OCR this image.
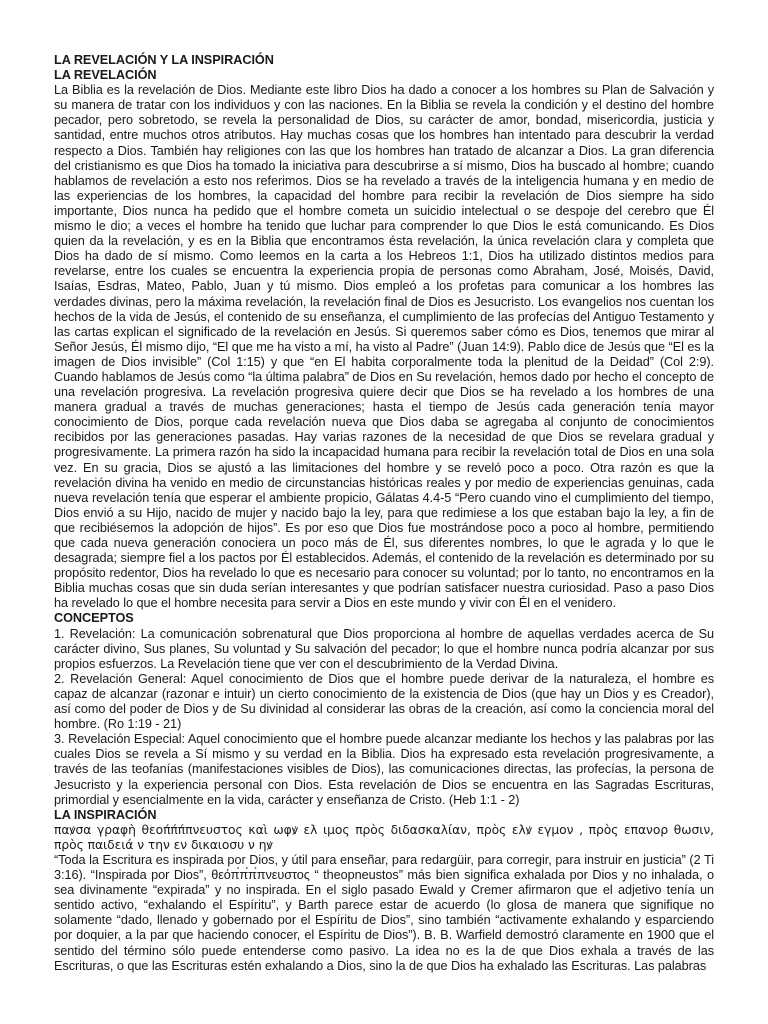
LA REVELACIÓN Y LA INSPIRACIÓN

LA REVELACIÓN

La Biblia es la revelación de Dios. Mediante este libro Dios ha dado a conocer a los hombres su Plan de Salvación y su manera de tratar con los individuos y con las naciones. En la Biblia se revela la condición y el destino del hombre pecador, pero sobretodo, se revela la personalidad de Dios, su carácter de amor, bondad, misericordia, justicia y santidad, entre muchos otros atributos. Hay muchas cosas que los hombres han intentado para descubrir la verdad respecto a Dios. También hay religiones con las que los hombres han tratado de alcanzar a Dios. La gran diferencia del cristianismo es que Dios ha tomado la iniciativa para descubrirse a sí mismo, Dios ha buscado al hombre; cuando hablamos de revelación a esto nos referimos. Dios se ha revelado a través de la inteligencia humana y en medio de las experiencias de los hombres, la capacidad del hombre para recibir la revelación de Dios siempre ha sido importante, Dios nunca ha pedido que el hombre cometa un suicidio intelectual o se despoje del cerebro que Él mismo le dio; a veces el hombre ha tenido que luchar para comprender lo que Dios le está comunicando. Es Dios quien da la revelación, y es en la Biblia que encontramos ésta revelación, la única revelación clara y completa que Dios ha dado de sí mismo. Como leemos en la carta a los Hebreos 1:1, Dios ha utilizado distintos medios para revelarse, entre los cuales se encuentra la experiencia propia de personas como Abraham, José, Moisés, David, Isaías, Esdras, Mateo, Pablo, Juan y tú mismo. Dios empleó a los profetas para comunicar a los hombres las verdades divinas, pero la máxima revelación, la revelación final de Dios es Jesucristo. Los evangelios nos cuentan los hechos de la vida de Jesús, el contenido de su enseñanza, el cumplimiento de las profecías del Antiguo Testamento y las cartas explican el significado de la revelación en Jesús. Si queremos saber cómo es Dios, tenemos que mirar al Señor Jesús, Él mismo dijo, “El que me ha visto a mí, ha visto al Padre” (Juan 14:9). Pablo dice de Jesús que “El es la imagen de Dios invisible” (Col 1:15) y que “en El habita corporalmente toda la plenitud de la Deidad” (Col 2:9). Cuando hablamos de Jesús como “la última palabra” de Dios en Su revelación, hemos dado por hecho el concepto de una revelación progresiva. La revelación progresiva quiere decir que Dios se ha revelado a los hombres de una manera gradual a través de muchas generaciones; hasta el tiempo de Jesús cada generación tenía mayor conocimiento de Dios, porque cada revelación nueva que Dios daba se agregaba al conjunto de conocimientos recibidos por las generaciones pasadas. Hay varias razones de la necesidad de que Dios se revelara gradual y progresivamente. La primera razón ha sido la incapacidad humana para recibir la revelación total de Dios en una sola vez. En su gracia, Dios se ajustó a las limitaciones del hombre y se reveló poco a poco. Otra razón es que la revelación divina ha venido en medio de circunstancias históricas reales y por medio de experiencias genuinas, cada nueva revelación tenía que esperar el ambiente propicio, Gálatas 4.4-5 “Pero cuando vino el cumplimiento del tiempo, Dios envió a su Hijo, nacido de mujer y nacido bajo la ley, para que redimiese a los que estaban bajo la ley, a fin de que recibiésemos la adopción de hijos”. Es por eso que Dios fue mostrándose poco a poco al hombre, permitiendo que cada nueva generación conociera un poco más de Él, sus diferentes nombres, lo que le agrada y lo que le desagrada; siempre fiel a los pactos por Él establecidos. Además, el contenido de la revelación es determinado por su propósito redentor, Dios ha revelado lo que es necesario para conocer su voluntad; por lo tanto, no encontramos en la Biblia muchas cosas que sin duda serían interesantes y que podrían satisfacer nuestra curiosidad. Paso a paso Dios ha revelado lo que el hombre necesita para servir a Dios en este mundo y vivir con Él en el venidero.

CONCEPTOS

1. Revelación: La comunicación sobrenatural que Dios proporciona al hombre de aquellas verdades acerca de Su carácter divino, Sus planes, Su voluntad y Su salvación del pecador; lo que el hombre nunca podría alcanzar por sus propios esfuerzos. La Revelación tiene que ver con el descubrimiento de la Verdad Divina.

2. Revelación General: Aquel conocimiento de Dios que el hombre puede derivar de la naturaleza, el hombre es capaz de alcanzar (razonar e intuir) un cierto conocimiento de la existencia de Dios (que hay un Dios y es Creador), así como del poder de Dios y de Su divinidad al considerar las obras de la creación, así como la conciencia moral del hombre. (Ro 1:19 - 21)

3. Revelación Especial: Aquel conocimiento que el hombre puede alcanzar mediante los hechos y las palabras por las cuales Dios se revela a Sí mismo y su verdad en la Biblia. Dios ha expresado esta revelación progresivamente, a través de las teofanías (manifestaciones visibles de Dios), las comunicaciones directas, las profecías, la persona de Jesucristo y la experiencia personal con Dios. Esta revelación de Dios se encuentra en las Sagradas Escrituras, primordial y esencialmente en la vida, carácter y enseñanza de Cristo. (Heb 1:1 - 2)

LA INSPIRACIÓN

παꝟσα γραφὴ θεοπ́π́π́πνευστος καὶ ωφꝟ ελ ιμος πρὸς διδασκαλίαν, πρὸς ελꝟ εγμον , πρὸς επανορ θωσιν, πρὸς παιδειά ν την εν δικαιοσυ ν ηꝟ

“Toda la Escritura es inspirada por Dios, y útil para enseñar, para redargüir, para corregir, para instruir en justicia” (2 Ti 3:16). “Inspirada por Dios”, θεόπ́π́π́πνευστος “ theopneustos” más bien significa exhalada por Dios y no inhalada, o sea divinamente “expirada” y no inspirada. En el siglo pasado Ewald y Cremer afirmaron que el adjetivo tenía un sentido activo, “exhalando el Espíritu”, y Barth parece estar de acuerdo (lo glosa de manera que signifique no solamente “dado, llenado y gobernado por el Espíritu de Dios”, sino también “activamente exhalando y esparciendo por doquier, a la par que haciendo conocer, el Espíritu de Dios”). B. B. Warfield demostró claramente en 1900 que el sentido del término sólo puede entenderse como pasivo. La idea no es la de que Dios exhala a través de las Escrituras, o que las Escrituras estén exhalando a Dios, sino la de que Dios ha exhalado las Escrituras. Las palabras
